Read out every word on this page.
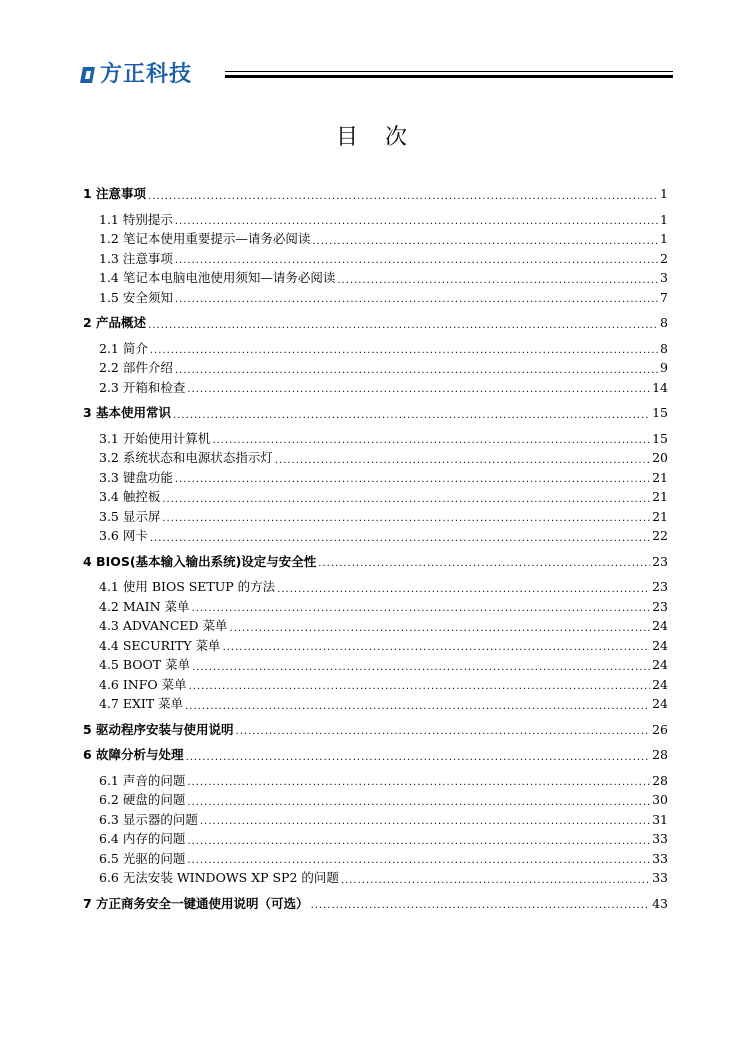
方正科技
目 次
1 注意事项 .....	1
1.1 特别提示 .....	1
1.2 笔记本使用重要提示—请务必阅读 .....	1
1.3 注意事项 .....	2
1.4 笔记本电脑电池使用须知—请务必阅读 .....	3
1.5 安全须知 .....	7
2 产品概述 .....	8
2.1 简介 .....	8
2.2 部件介绍 .....	9
2.3 开箱和检查 .....	14
3 基本使用常识 .....	15
3.1 开始使用计算机 .....	15
3.2 系统状态和电源状态指示灯 .....	20
3.3 键盘功能 .....	21
3.4 触控板 .....	21
3.5 显示屏 .....	21
3.6 网卡 .....	22
4 BIOS(基本输入输出系统)设定与安全性 .....	23
4.1 使用 BIOS SETUP 的方法 .....	23
4.2 MAIN 菜单 .....	23
4.3 ADVANCED 菜单 .....	24
4.4 SECURITY 菜单 .....	24
4.5 BOOT 菜单 .....	24
4.6 INFO 菜单 .....	24
4.7 EXIT 菜单 .....	24
5 驱动程序安装与使用说明 .....	26
6 故障分析与处理 .....	28
6.1 声音的问题 .....	28
6.2 硬盘的问题 .....	30
6.3 显示器的问题 .....	31
6.4 内存的问题 .....	33
6.5 光驱的问题 .....	33
6.6 无法安装 WINDOWS XP SP2 的问题 .....	33
7 方正商务安全一键通使用说明（可选） .....	43
